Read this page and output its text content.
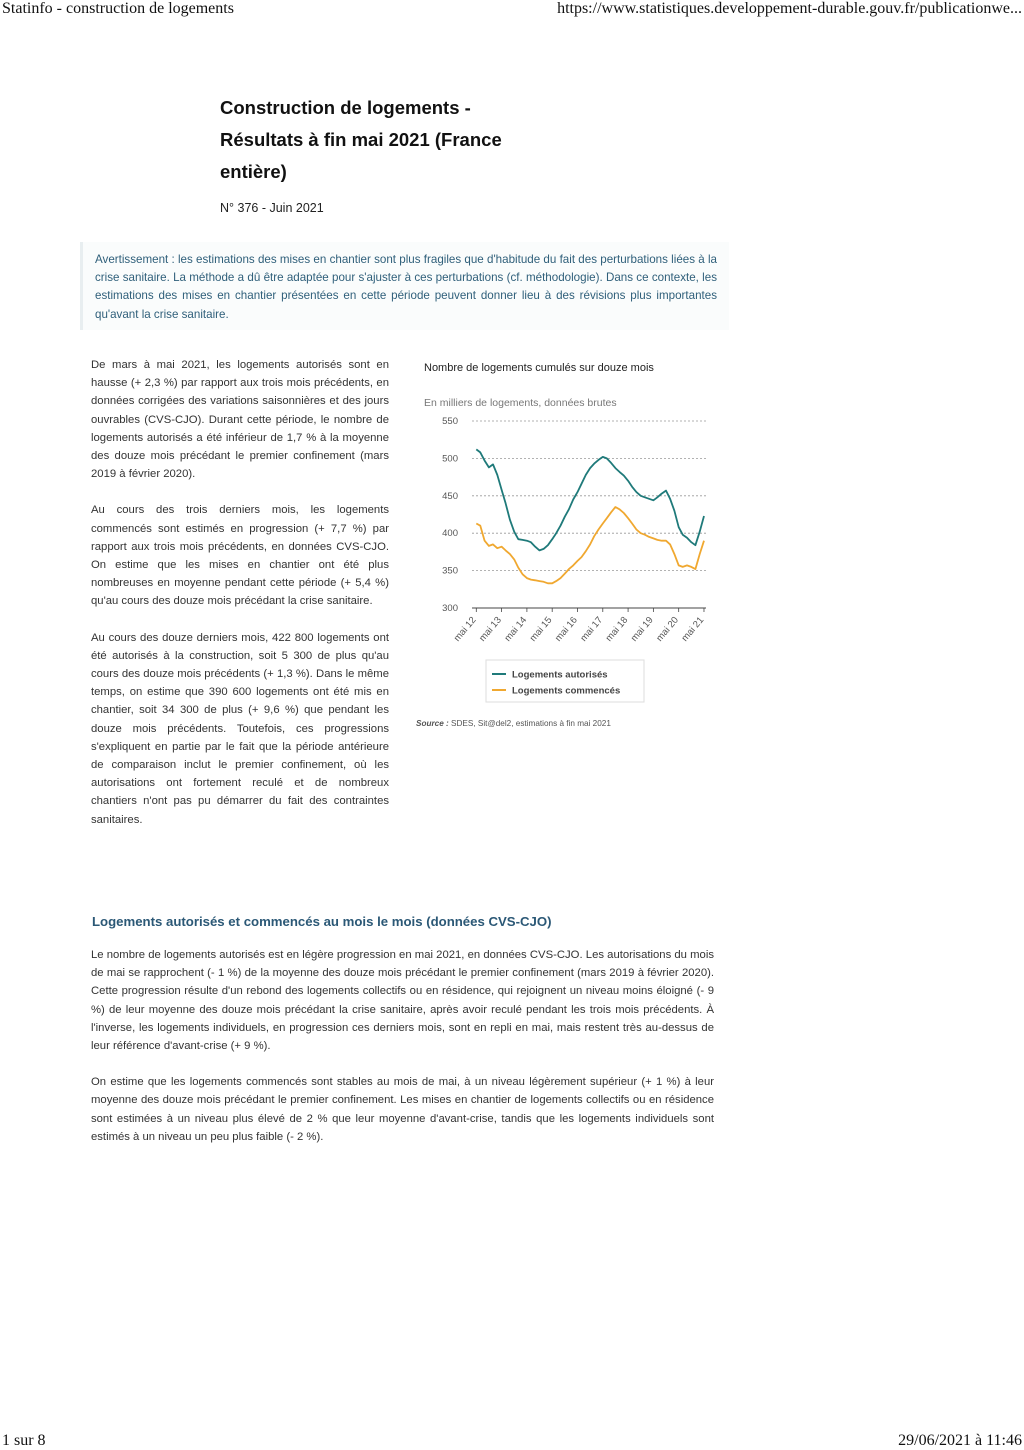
Statinfo - construction de logements	https://www.statistiques.developpement-durable.gouv.fr/publicationwe...
Construction de logements -
Résultats à fin mai 2021 (France
entière)
N° 376 - Juin 2021

Avertissement : les estimations des mises en chantier sont plus fragiles que d'habitude du fait des perturbations liées à la crise sanitaire. La méthode a dû être adaptée pour s'ajuster à ces perturbations (cf. méthodologie). Dans ce contexte, les estimations des mises en chantier présentées en cette période peuvent donner lieu à des révisions plus importantes qu'avant la crise sanitaire.

De mars à mai 2021, les logements autorisés sont en hausse (+ 2,3 %) par rapport aux trois mois précédents, en données corrigées des variations saisonnières et des jours ouvrables (CVS-CJO). Durant cette période, le nombre de logements autorisés a été inférieur de 1,7 % à la moyenne des douze mois précédant le premier confinement (mars 2019 à février 2020).

Au cours des trois derniers mois, les logements commencés sont estimés en progression (+ 7,7 %) par rapport aux trois mois précédents, en données CVS-CJO. On estime que les mises en chantier ont été plus nombreuses en moyenne pendant cette période (+ 5,4 %) qu'au cours des douze mois précédant la crise sanitaire.

Au cours des douze derniers mois, 422 800 logements ont été autorisés à la construction, soit 5 300 de plus qu'au cours des douze mois précédents (+ 1,3 %). Dans le même temps, on estime que 390 600 logements ont été mis en chantier, soit 34 300 de plus (+ 9,6 %) que pendant les douze mois précédents. Toutefois, ces progressions s'expliquent en partie par le fait que la période antérieure de comparaison inclut le premier confinement, où les autorisations ont fortement reculé et de nombreux chantiers n'ont pas pu démarrer du fait des contraintes sanitaires.

Nombre de logements cumulés sur douze mois
En milliers de logements, données brutes
300
350
400
450
500
550
mai 12
mai 13
mai 14
mai 15
mai 16
mai 17
mai 18
mai 19
mai 20
mai 21
Logements autorisés
Logements commencés
Source : SDES, Sit@del2, estimations à fin mai 2021
Logements autorisés et commencés au mois le mois (données CVS-CJO)

Le nombre de logements autorisés est en légère progression en mai 2021, en données CVS-CJO. Les autorisations du mois de mai se rapprochent (- 1 %) de la moyenne des douze mois précédant le premier confinement (mars 2019 à février 2020). Cette progression résulte d'un rebond des logements collectifs ou en résidence, qui rejoignent un niveau moins éloigné (- 9 %) de leur moyenne des douze mois précédant la crise sanitaire, après avoir reculé pendant les trois mois précédents. À l'inverse, les logements individuels, en progression ces derniers mois, sont en repli en mai, mais restent très au-dessus de leur référence d'avant-crise (+ 9 %).

On estime que les logements commencés sont stables au mois de mai, à un niveau légèrement supérieur (+ 1 %) à leur moyenne des douze mois précédant le premier confinement. Les mises en chantier de logements collectifs ou en résidence sont estimées à un niveau plus élevé de 2 % que leur moyenne d'avant-crise, tandis que les logements individuels sont estimés à un niveau un peu plus faible (- 2 %).

1 sur 8	29/06/2021 à 11:46
